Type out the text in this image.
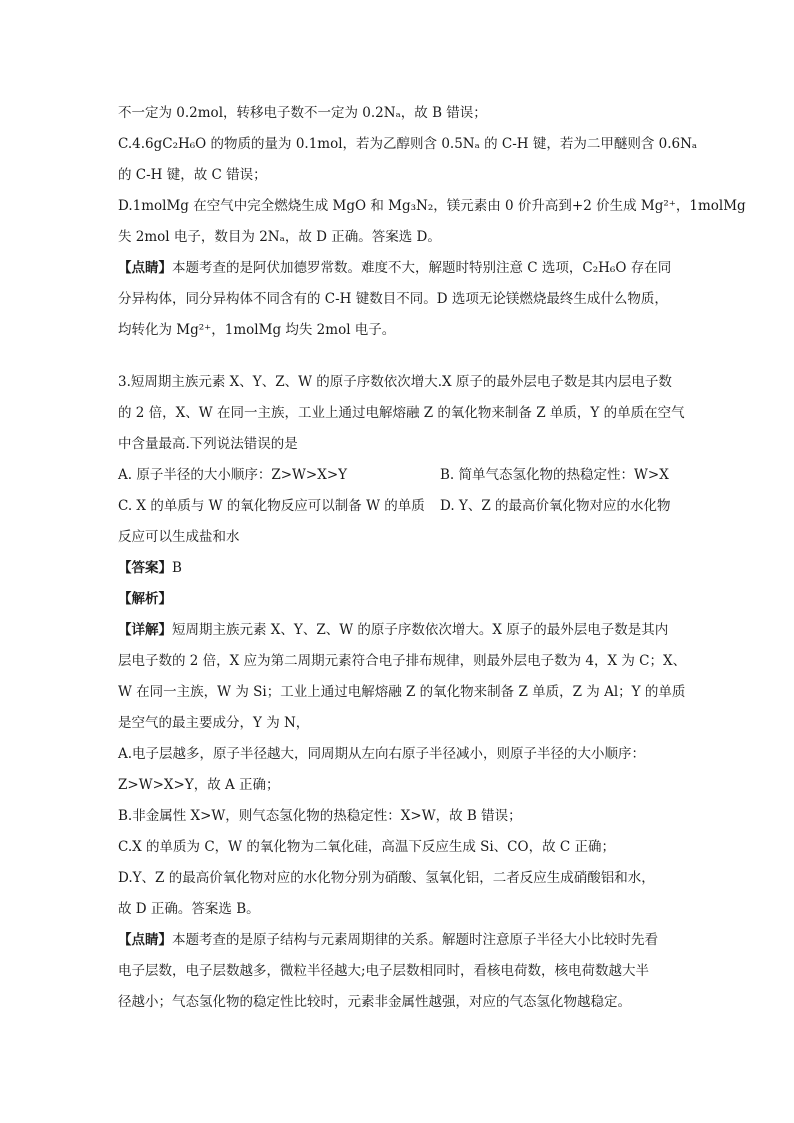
不一定为 0.2mol，转移电子数不一定为 0.2Nₐ，故 B 错误；
C.4.6gC₂H₆O 的物质的量为 0.1mol，若为乙醇则含 0.5Nₐ 的 C-H 键，若为二甲醚则含 0.6Nₐ
的 C-H 键，故 C 错误；
D.1molMg 在空气中完全燃烧生成 MgO 和 Mg₃N₂，镁元素由 0 价升高到+2 价生成 Mg²⁺，1molMg
失 2mol 电子，数目为 2Nₐ，故 D 正确。答案选 D。
【点睛】本题考查的是阿伏加德罗常数。难度不大，解题时特别注意 C 选项，C₂H₆O 存在同
分异构体，同分异构体不同含有的 C-H 键数目不同。D 选项无论镁燃烧最终生成什么物质，
均转化为 Mg²⁺，1molMg 均失 2mol 电子。
3.短周期主族元素 X、Y、Z、W 的原子序数依次增大.X 原子的最外层电子数是其内层电子数
的 2 倍，X、W 在同一主族，工业上通过电解熔融 Z 的氧化物来制备 Z 单质，Y 的单质在空气
中含量最高.下列说法错误的是
A. 原子半径的大小顺序：Z>W>X>Y	B. 简单气态氢化物的热稳定性：W>X
C. X 的单质与 W 的氧化物反应可以制备 W 的单质	D. Y、Z 的最高价氧化物对应的水化物
反应可以生成盐和水
【答案】B
【解析】
【详解】短周期主族元素 X、Y、Z、W 的原子序数依次增大。X 原子的最外层电子数是其内
层电子数的 2 倍，X 应为第二周期元素符合电子排布规律，则最外层电子数为 4，X 为 C；X、
W 在同一主族，W 为 Si；工业上通过电解熔融 Z 的氧化物来制备 Z 单质，Z 为 Al；Y 的单质
是空气的最主要成分，Y 为 N，
A.电子层越多，原子半径越大，同周期从左向右原子半径减小，则原子半径的大小顺序：
Z>W>X>Y，故 A 正确；
B.非金属性 X>W，则气态氢化物的热稳定性：X>W，故 B 错误；
C.X 的单质为 C，W 的氧化物为二氧化硅，高温下反应生成 Si、CO，故 C 正确；
D.Y、Z 的最高价氧化物对应的水化物分别为硝酸、氢氧化铝，二者反应生成硝酸铝和水，
故 D 正确。答案选 B。
【点睛】本题考查的是原子结构与元素周期律的关系。解题时注意原子半径大小比较时先看
电子层数，电子层数越多，微粒半径越大;电子层数相同时，看核电荷数，核电荷数越大半
径越小；气态氢化物的稳定性比较时，元素非金属性越强，对应的气态氢化物越稳定。
